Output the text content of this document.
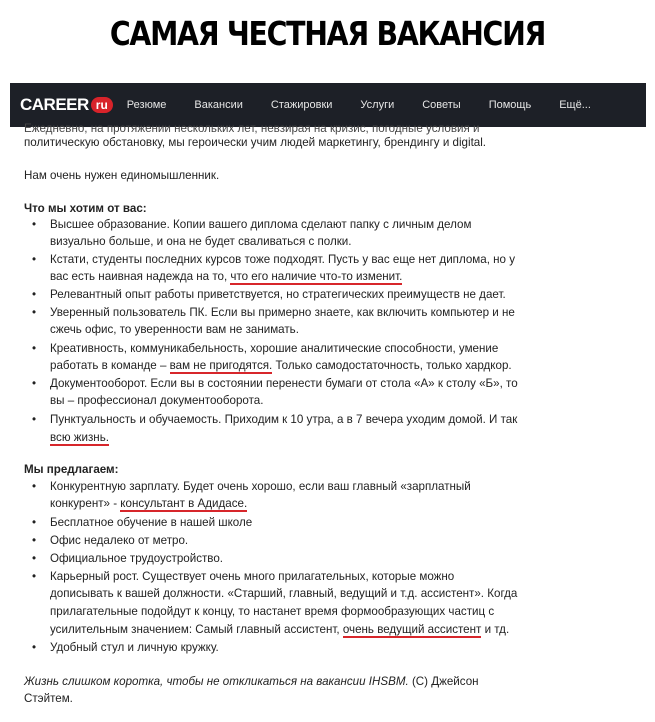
САМАЯ ЧЕСТНАЯ ВАКАНСИЯ
CAREER ru	Резюме	Вакансии	Стажировки	Услуги	Советы	Помощь	Ещё...
Ежедневно, на протяжении нескольких лет, невзирая на кризис, погодные условия и
политическую обстановку, мы героически учим людей маркетингу, брендингу и digital.
Нам очень нужен единомышленник.
Что мы хотим от вас:
• Высшее образование. Копии вашего диплома сделают папку с личным делом
визуально больше, и она не будет сваливаться с полки.
• Кстати, студенты последних курсов тоже подходят. Пусть у вас еще нет диплома, но у
вас есть наивная надежда на то, что его наличие что-то изменит.
• Релевантный опыт работы приветствуется, но стратегических преимуществ не дает.
• Уверенный пользователь ПК. Если вы примерно знаете, как включить компьютер и не
сжечь офис, то уверенности вам не занимать.
• Креативность, коммуникабельность, хорошие аналитические способности, умение
работать в команде – вам не пригодятся. Только самодостаточность, только хардкор.
• Документооборот. Если вы в состоянии перенести бумаги от стола «А» к столу «Б», то
вы – профессионал документооборота.
• Пунктуальность и обучаемость. Приходим к 10 утра, а в 7 вечера уходим домой. И так
всю жизнь.
Мы предлагаем:
• Конкурентную зарплату. Будет очень хорошо, если ваш главный «зарплатный
конкурент» - консультант в Адидасе.
• Бесплатное обучение в нашей школе
• Офис недалеко от метро.
• Официальное трудоустройство.
• Карьерный рост. Существует очень много прилагательных, которые можно
дописывать к вашей должности. «Старший, главный, ведущий и т.д. ассистент». Когда
прилагательные подойдут к концу, то настанет время формообразующих частиц с
усилительным значением: Самый главный ассистент, очень ведущий ассистент и тд.
• Удобный стул и личную кружку.
Жизнь слишком коротка, чтобы не откликаться на вакансии IHSBM. (С) Джейсон
Стэйтем.
